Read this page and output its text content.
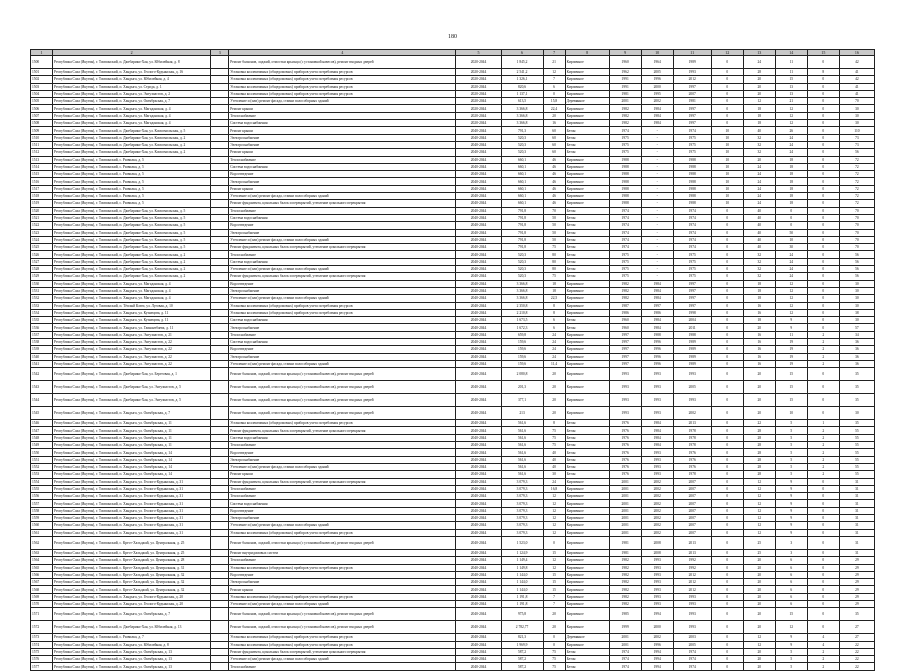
180
1	2	3	4	5	6	7	8	9	10	11	12	13	14	15	16
1500	Республика Саха (Якутия), г. Томпонский, п. Джебарики-Хая, ул. Юбилейная, д. 8		Ремонт балконов, лоджий, отмостки крыльца (с установкой навесов), ремонт входных дверей	2020-2044	1 845,2	21	Кирпичное	1960	1964	1989	0	24	11	0	42
1501	Республика Саха (Якутия), г. Томпонский, п. Хандыга, ул. Геолого-Кудьянская, д. 16		Установка коллективных (общедомовых) приборов учета потребления ресурсов	2020-2044	2 541,2	12	Кирпичное	1962	2005	1993	0	28	11	8	41
1502	Республика Саха (Якутия), г. Томпонский, п. Хандыга, ул. Юбилейная, д. 4		Установка коллективных (общедомовых) приборов учета потребления ресурсов	2020-2044	1 326,1	7	Кирпичное	1991	1996	2012	0	20	15	0	42
1503	Республика Саха (Якутия), г. Томпонский, п. Хандыга, ул. Строда, д. 1		Установка коллективных (общедомовых) приборов учета потребления ресурсов	2020-2044	820,6	6	Кирпичное	1991	2000	1997	0	20	13	0	41
1504	Республика Саха (Якутия), г. Томпонский, п. Хандыга, ул. Энтузиастов, д. 2		Установка коллективных (общедомовых) приборов учета потребления ресурсов	2020-2044	1 137,1	0	Кирпичное	1981	1995	2007	0	20	13	0	41
1505	Республика Саха (Якутия), г. Томпонский, п. Хандыга, ул. Октябрьская, д. 7		Утепление и (или) ремонт фасада, ставни полособорных зданий	2020-2044	613,5	15,8	Деревянное	2001	2002	1981	0	12	21	0	70
1506	Республика Саха (Якутия), г. Томпонский, п. Хандыга, ул. Магаданская, д. 4		Ремонт крыши	2020-2044	3 366,8	22,4	Кирпичное	1982	1984	1997	0	18	12	0	30
1507	Республика Саха (Якутия), г. Томпонский, п. Хандыга, ул. Магаданская, д. 4		Теплоснабжение	2020-2044	3 366,8	20	Кирпичное	1982	1984	1997	0	18	12	0	30
1508	Республика Саха (Якутия), г. Томпонский, п. Хандыга, ул. Магаданская, д. 4		Система водоснабжения	2020-2044	3 366,8	16	Кирпичное	1982	1984	1997	0	18	12	0	30
1509	Республика Саха (Якутия), г. Томпонский, п. Джебарики-Хая, ул. Комсомольская, д. 5		Ремонт крыши	2040-2044	791,3	60	Бетон	1974	-	1974	10	40	26	0	110
1510	Республика Саха (Якутия), г. Томпонский, п. Джебарики-Хая, ул. Комсомольская, д. 2		Электроснабжение	2040-2044	520,3	60	Бетон	1975	-	1975	10	32	24	0	73
1511	Республика Саха (Якутия), г. Томпонский, п. Джебарики-Хая, ул. Комсомольская, д. 2		Электроснабжение	2040-2044	520,3	60	Бетон	1975	-	1975	10	32	24	0	73
1512	Республика Саха (Якутия), г. Томпонский, п. Джебарики-Хая, ул. Комсомольская, д. 2		Ремонт крыши	2040-2044	520,3	60	Бетон	1975	-	1975	10	32	24	0	56
1513	Республика Саха (Якутия), г. Томпонский, с. Развилка, д. 5		Теплоснабжение	2040-2044	660,1	46	Кирпичное	1988	-	1988	10	20	18	0	72
1514	Республика Саха (Якутия), г. Томпонский, с. Развилка, д. 5		Система водоснабжения	2040-2044	660,1	46	Кирпичное	1988	-	1988	10	24	18	0	72
1515	Республика Саха (Якутия), г. Томпонский, с. Развилка, д. 5		Водоотведение	2040-2044	660,1	46	Кирпичное	1988	-	1988	10	24	18	0	72
1516	Республика Саха (Якутия), г. Томпонский, с. Развилка, д. 5		Электроснабжение	2040-2044	660,1	46	Кирпичное	1988	-	1988	10	24	18	0	72
1517	Республика Саха (Якутия), г. Томпонский, с. Развилка, д. 5		Ремонт крыши	2040-2044	660,1	46	Кирпичное	1988	-	1988	10	24	18	0	72
1518	Республика Саха (Якутия), г. Томпонский, с. Развилка, д. 5		Утепление и (или) ремонт фасада, ставни полособорных зданий	2040-2044	660,1	46	Кирпичное	1988	-	1988	10	24	18	0	72
1519	Республика Саха (Якутия), г. Томпонский, с. Развилка, д. 5		Ремонт фундамента, цокольных балок и перекрытий, утепление цокольного перекрытия	2040-2044	660,1	46	Кирпичное	1988	-	1988	10	24	18	0	72
1520	Республика Саха (Якутия), г. Томпонский, п. Джебарики-Хая, ул. Комсомольская, д. 5		Теплоснабжение	2040-2044	791,8	70	Бетон	1974	-	1974	0	40	0	0	70
1521	Республика Саха (Якутия), г. Томпонский, п. Джебарики-Хая, ул. Комсомольская, д. 5		Система водоснабжения	2040-2044	791,8	50	Бетон	1974	-	1974	0	40	0	0	70
1522	Республика Саха (Якутия), г. Томпонский, п. Джебарики-Хая, ул. Комсомольская, д. 5		Водоотведение	2040-2044	791,8	50	Бетон	1974	-	1974	0	40	0	0	70
1523	Республика Саха (Якутия), г. Томпонский, п. Джебарики-Хая, ул. Комсомольская, д. 5		Электроснабжение	2040-2044	791,8	50	Бетон	1974	-	1974	0	40	50	0	70
1524	Республика Саха (Якутия), г. Томпонский, п. Джебарики-Хая, ул. Комсомольская, д. 5		Утепление и (или) ремонт фасада, ставни полособорных зданий	2040-2044	791,8	50	Бетон	1974	-	1974	0	40	10	0	70
1525	Республика Саха (Якутия), г. Томпонский, п. Джебарики-Хая, ул. Комсомольская, д. 5		Ремонт фундамента, цокольных балок и перекрытий, утепление цокольного перекрытия	2040-2044	791,8	75	Бетон	1974	-	1974	0	40	30	0	70
1526	Республика Саха (Якутия), г. Томпонский, п. Джебарики-Хая, ул. Комсомольская, д. 2		Теплоснабжение	2040-2044	520,3	80	Бетон	1975	-	1975	0	32	24	0	56
1527	Республика Саха (Якутия), г. Томпонский, п. Джебарики-Хая, ул. Комсомольская, д. 2		Система водоснабжения	2040-2044	520,3	80	Бетон	1975	-	1975	0	32	24	0	56
1528	Республика Саха (Якутия), г. Томпонский, п. Джебарики-Хая, ул. Комсомольская, д. 2		Утепление и (или) ремонт фасада, ставни полособорных зданий	2040-2044	520,3	80	Бетон	1975	-	1975	0	32	24	0	56
1529	Республика Саха (Якутия), г. Томпонский, п. Джебарики-Хая, ул. Комсомольская, д. 2		Ремонт фундамента, цокольных балок и перекрытий, утепление цокольного перекрытия	2040-2044	520,3	75	Бетон	1975	-	1975	0	32	24	0	56
1530	Республика Саха (Якутия), г. Томпонский, п. Хандыга, ул. Магаданская, д. 4		Водоотведение	2040-2044	3 366,8	18	Кирпичное	1982	1984	1997	0	18	12	0	30
1531	Республика Саха (Якутия), г. Томпонский, п. Хандыга, ул. Магаданская, д. 4		Электроснабжение	2040-2044	3 366,8	18	Кирпичное	1982	1984	1997	0	18	12	0	30
1532	Республика Саха (Якутия), г. Томпонский, п. Хандыга, ул. Магаданская, д. 4		Утепление и (или) ремонт фасада, ставни полособорных зданий	2040-2044	3 366,8	22,5	Кирпичное	1982	1984	1997	0	18	12	0	30
1533	Республика Саха (Якутия), г. Томпонский, п. Тёплый Ключ, ул. Луговая, д. 10		Установка коллективных (общедомовых) приборов учета потребления ресурсов	2040-2044	2 350,8	8	Кирпичное	1987	1997	1997	0	16	12	0	30
1534	Республика Саха (Якутия), г. Томпонский, п. Хандыга, ул. Кузнецова, д. 11		Установка коллективных (общедомовых) приборов учета потребления ресурсов	2040-2044	2 210,8	8	Кирпичное	1986	1986	1998	0	16	12	0	38
1535	Республика Саха (Якутия), г. Томпонский, п. Хандыга, ул. Кузнецова, д. 11		Система водоснабжения	2040-2044	1 673,5	6	Бетон	1960	1984	2004	0	18	9	0	30
1536	Республика Саха (Якутия), г. Томпонский, п. Хандыга, ул. Гаинантбаева, д. 11		Электроснабжение	2040-2044	1 672,3	6	Бетон	1960	1984	2011	0	20	9	0	57
1537	Республика Саха (Якутия), г. Томпонский, п. Хандыга, ул. Энтузиастов, д. 21		Теплоснабжение	2040-2044	659,8	24	Кирпичное	1997	1988	1988	0	16	11	2	34
1538	Республика Саха (Якутия), г. Томпонский, п. Хандыга, ул. Энтузиастов, д. 22		Система водоснабжения	2040-2044	159,6	24	Кирпичное	1997	1996	1989	0	16	19	2	36
1539	Республика Саха (Якутия), г. Томпонский, п. Хандыга, ул. Энтузиастов, д. 22		Водоотведение	2040-2044	159,6	24	Кирпичное	1997	1996	1989	0	16	19	2	36
1540	Республика Саха (Якутия), г. Томпонский, п. Хандыга, ул. Энтузиастов, д. 22		Электроснабжение	2040-2044	159,6	24	Кирпичное	1997	1996	1989	0	16	19	2	36
1541	Республика Саха (Якутия), г. Томпонский, п. Хандыга, ул. Энтузиастов, д. 22		Утепление и (или) ремонт фасада, ставни полособорных зданий	2040-2044	159,6	11,4	Кирпичное	1997	1996	1989	0	16	19	2	36
1542	Республика Саха (Якутия), г. Томпонский, п. Джебарики-Хая, ул. Береговая, д. 1		Ремонт балконов, лоджий, отмостки крыльца (с установкой навесов), ремонт входных дверей	2040-2044	2 080,8	20	Кирпичное	1993	1993	1993	0	20	15	0	35
1543	Республика Саха (Якутия), г. Томпонский, п. Джебарики-Хая, ул. Энтузиастов, д. 5		Ремонт балконов, лоджий, отмостки крыльца (с установкой навесов), ремонт входных дверей	2040-2044	201,3	20	Кирпичное	1993	1993	2005	0	20	15	0	35
1544	Республика Саха (Якутия), г. Томпонский, п. Джебарики-Хая, ул. Энтузиастов, д. 5		Ремонт балконов, лоджий, отмостки крыльца (с установкой навесов), ремонт входных дверей	2040-2044	377,1	20	Кирпичное	1993	1993	1993	0	20	15	0	35
1545	Республика Саха (Якутия), г. Томпонский, п. Хандыга, ул. Октябрьская, д. 7		Ремонт балконов, лоджий, отмостки крыльца (с установкой навесов), ремонт входных дверей	2040-2044	213	20	Кирпичное	1993	1993	2002	0	20	10	0	30
1546	Республика Саха (Якутия), г. Томпонский, п. Хандыга, ул. Октябрьская, д. 11		Установка коллективных (общедомовых) приборов учета потребления ресурсов	2040-2044	561,6	8	Бетон	1976	1984	2013	0	22	5	1	35
1547	Республика Саха (Якутия), г. Томпонский, п. Хандыга, ул. Октябрьская, д. 11		Ремонт фундамента, цокольных балок и перекрытий, утепление цокольного перекрытия	2040-2044	561,6	75	Бетон	1976	1984	1978	0	28	5	2	55
1548	Республика Саха (Якутия), г. Томпонский, п. Хандыга, ул. Октябрьская, д. 11		Система водоснабжения	2040-2044	561,6	75	Бетон	1976	1984	1978	0	28	5	2	55
1549	Республика Саха (Якутия), г. Томпонский, п. Хандыга, ул. Октябрьская, д. 11		Теплоснабжение	2040-2044	561,6	75	Бетон	1976	1984	1978	0	28	5	2	55
1550	Республика Саха (Якутия), г. Томпонский, п. Хандыга, ул. Октябрьская, д. 14		Водоотведение	2040-2044	561,6	40	Бетон	1976	1993	1976	0	28	5	2	55
1551	Республика Саха (Якутия), г. Томпонский, п. Хандыга, ул. Октябрьская, д. 14		Электроснабжение	2040-2044	561,6	40	Бетон	1976	1993	1976	0	28	5	2	55
1552	Республика Саха (Якутия), г. Томпонский, п. Хандыга, ул. Октябрьская, д. 14		Утепление и (или) ремонт фасада, ставни полособорных зданий	2040-2044	561,6	40	Бетон	1976	1993	1976	0	28	5	2	55
1553	Республика Саха (Якутия), г. Томпонский, п. Хандыга, ул. Октябрьская, д. 14		Ремонт крыши	2040-2044	561,6	30	Бетон	1976	1993	1978	0	28	5	2	55
1554	Республика Саха (Якутия), г. Томпонский, п. Хандыга, ул. Геолого-Кудьянская, д. 31		Ремонт фундамента, цокольных балок и перекрытий, утепление цокольного перекрытия	2040-2044	3 079,3	24	Кирпичное	2001	2002	2007	0	12	9	0	31
1555	Республика Саха (Якутия), г. Томпонский, п. Хандыга, ул. Геолого-Кудьянская, д. 31		Теплоснабжение	2040-2044	3 079,3	16,8	Кирпичное	2001	2002	2007	0	12	9	0	31
1556	Республика Саха (Якутия), г. Томпонский, п. Хандыга, ул. Геолого-Кудьянская, д. 31		Теплоснабжение	2040-2044	3 079,3	12	Кирпичное	2001	2002	2007	0	12	9	0	31
1557	Республика Саха (Якутия), г. Томпонский, п. Хандыга, ул. Геолого-Кудьянская, д. 31		Система водоснабжения	2040-2044	3 079,3	12	Кирпичное	2001	2002	2007	0	12	9	0	31
1558	Республика Саха (Якутия), г. Томпонский, п. Хандыга, ул. Геолого-Кудьянская, д. 31		Водоотведение	2040-2044	3 079,3	12	Кирпичное	2001	2002	2007	0	12	9	0	31
1559	Республика Саха (Якутия), г. Томпонский, п. Хандыга, ул. Геолого-Кудьянская, д. 31		Электроснабжение	2040-2044	3 079,3	12	Кирпичное	2001	2002	2007	0	12	9	0	31
1560	Республика Саха (Якутия), г. Томпонский, п. Хандыга, ул. Геолого-Кудьянская, д. 31		Утепление и (или) ремонт фасада, ставни полособорных зданий	2040-2044	3 079,3	12	Кирпичное	2001	2002	2007	0	12	9	0	31
1561	Республика Саха (Якутия), г. Томпонский, п. Хандыга, ул. Геолого-Кудьянская, д. 31		Установка коллективных (общедомовых) приборов учета потребления ресурсов	2040-2044	3 079,3	12	Кирпичное	2001	2002	2007	0	12	9	0	31
1562	Республика Саха (Якутия), г. Томпонский, с. Крест-Хальджай, ул. Центральная, д. 25		Ремонт балконов, лоджий, отмостки крыльца (с установкой навесов), ремонт входных дверей	2040-2044	1 523,0	0	Кирпичное	1981	2008	2013	0	25	3	0	31
1563	Республика Саха (Якутия), г. Томпонский, с. Крест-Хальджай, ул. Центральная, д. 25		Ремонт внутридомовых систем	2040-2044	1 124,9	15	Кирпичное	1981	2008	2013	0	25	3	0	31
1564	Республика Саха (Якутия), г. Томпонский, с. Крест-Хальджай, ул. Центральная, д. 28		Теплоснабжение	2040-2044	1 149,4	12	Кирпичное	1982	1993	1992	0	20	6	0	29
1565	Республика Саха (Якутия), г. Томпонский, с. Крест-Хальджай, ул. Центральная, д. 31		Установка коллективных (общедомовых) приборов учета потребления ресурсов	2040-2044	1 149,8	12	Кирпичное	1982	1993	1992	0	20	6	0	29
1566	Республика Саха (Якутия), г. Томпонский, с. Крест-Хальджай, ул. Центральная, д. 32		Водоотведение	2040-2044	1 144,0	15	Кирпичное	1982	1993	2012	0	20	6	0	29
1567	Республика Саха (Якутия), г. Томпонский, с. Крест-Хальджай, ул. Центральная, д. 32		Электроснабжение	2040-2044	1 144,0	15	Кирпичное	1982	1993	2012	0	20	6	0	29
1568	Республика Саха (Якутия), г. Томпонский, с. Крест-Хальджай, ул. Центральная, д. 32		Ремонт крыши	2040-2044	1 144,0	15	Кирпичное	1982	1993	2012	0	20	6	0	29
1569	Республика Саха (Якутия), г. Томпонский, п. Хандыга, ул. Геолого-Кудьянская, д. 20		Установка коллективных (общедомовых) приборов учета потребления ресурсов	2040-2044	1 191,8	7	Кирпичное	1982	1993	1993	0	20	6	0	29
1570	Республика Саха (Якутия), г. Томпонский, п. Хандыга, ул. Геолого-Кудьянская, д. 20		Утепление и (или) ремонт фасада, ставни полособорных зданий	2040-2044	1 191,8	7	Кирпичное	1982	1993	1993	0	20	6	0	29
1571	Республика Саха (Якутия), г. Томпонский, п. Хандыга, ул. Октябрьская, д. 7		Ремонт балконов, лоджий, отмостки крыльца (с установкой навесов), ремонт входных дверей	2040-2044	975,8	20	Кирпичное	1985	1994	1993	0	20	15	0	35
1572	Республика Саха (Якутия), г. Томпонский, п. Джебарики-Хая, ул. Юбилейная, д. 13		Ремонт балконов, лоджий, отмостки крыльца (с установкой навесов), ремонт входных дверей	2040-2044	2 782,77	20	Кирпичное	1999	2000	1993	0	20	12	0	27
1573	Республика Саха (Якутия), г. Томпонский, с. Развилка, д. 7		Установка коллективных (общедомовых) приборов учета потребления ресурсов	2040-2044	821,3	0	Деревянное	2001	2002	2003	0	12	9	4	27
1574	Республика Саха (Якутия), г. Томпонский, п. Хандыга, ул. Юбилейная, д. 8		Установка коллективных (общедомовых) приборов учета потребления ресурсов	2040-2044	1 969,9	0	Кирпичное	2001	1996	2005	0	12	9	4	22
1575	Республика Саха (Якутия), г. Томпонский, п. Хандыга, ул. Октябрьская, д. 13		Ремонт фундамента, цокольных балок и перекрытий, утепление цокольного перекрытия	2040-2044	587,2	75	Бетон	1974	1994	1974	0	20	5	2	22
1576	Республика Саха (Якутия), г. Томпонский, п. Хандыга, ул. Октябрьская, д. 13		Утепление и (или) ремонт фасада, ставни полособорных зданий	2040-2044	587,2	75	Бетон	1974	1994	1974	0	20	5	2	22
1577	Республика Саха (Якутия), г. Томпонский, п. Хандыга, ул. Октябрьская, д. 13		Теплоснабжение	2040-2044	587,2	75	Бетон	1974	1994	1974	0	20	5	2	22
